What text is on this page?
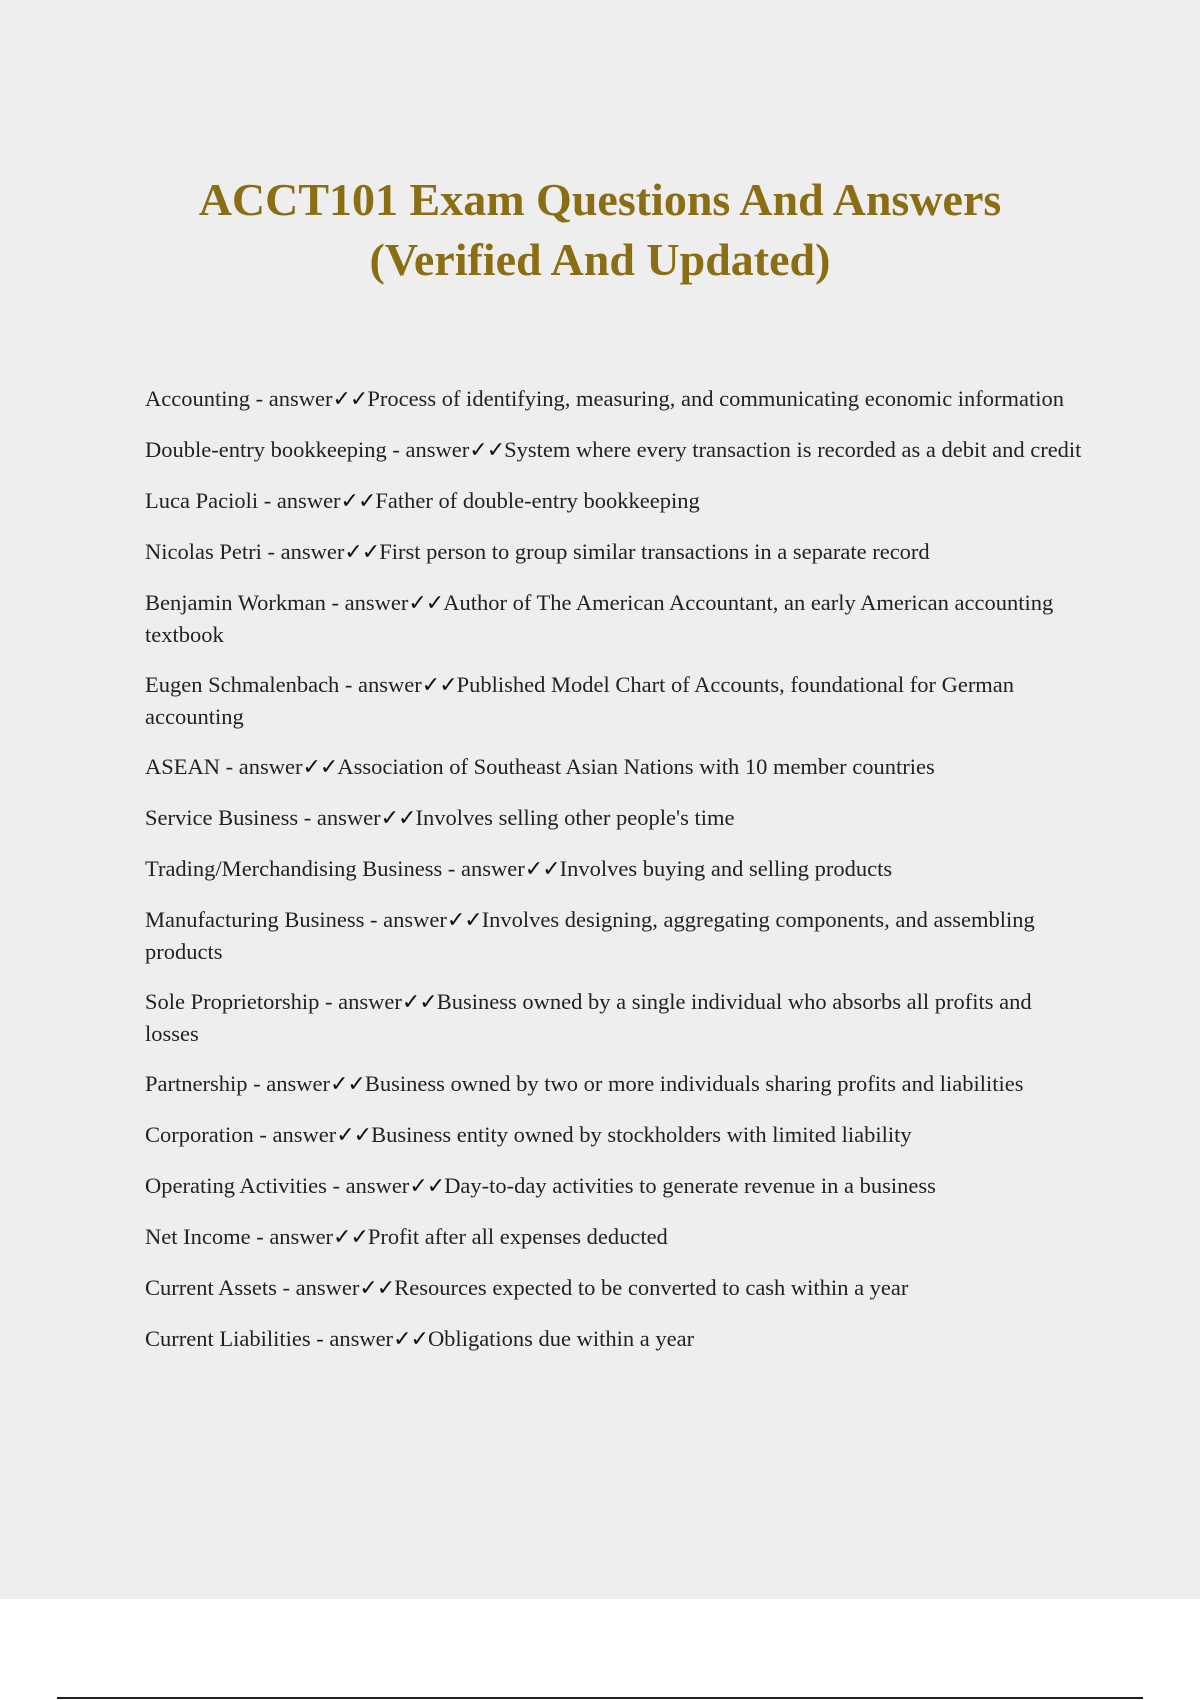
ACCT101 Exam Questions And Answers
(Verified And Updated)
Accounting - answer✓✓Process of identifying, measuring, and communicating economic information
Double-entry bookkeeping - answer✓✓System where every transaction is recorded as a debit and credit
Luca Pacioli - answer✓✓Father of double-entry bookkeeping
Nicolas Petri - answer✓✓First person to group similar transactions in a separate record
Benjamin Workman - answer✓✓Author of The American Accountant, an early American accounting textbook
Eugen Schmalenbach - answer✓✓Published Model Chart of Accounts, foundational for German accounting
ASEAN - answer✓✓Association of Southeast Asian Nations with 10 member countries
Service Business - answer✓✓Involves selling other people's time
Trading/Merchandising Business - answer✓✓Involves buying and selling products
Manufacturing Business - answer✓✓Involves designing, aggregating components, and assembling products
Sole Proprietorship - answer✓✓Business owned by a single individual who absorbs all profits and losses
Partnership - answer✓✓Business owned by two or more individuals sharing profits and liabilities
Corporation - answer✓✓Business entity owned by stockholders with limited liability
Operating Activities - answer✓✓Day-to-day activities to generate revenue in a business
Net Income - answer✓✓Profit after all expenses deducted
Current Assets - answer✓✓Resources expected to be converted to cash within a year
Current Liabilities - answer✓✓Obligations due within a year
